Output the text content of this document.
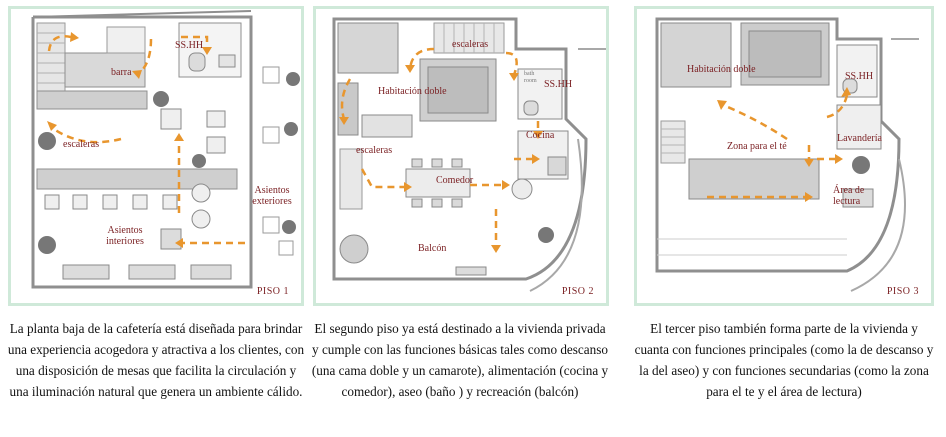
SS.HH
barra
escaleras
Asientos exteriores
Asientos interiores
PISO 1
escaleras
Habitación doble
SS.HH
bath room
Cocina
escaleras
Comedor
Balcón
PISO 2
Habitación doble
SS.HH
Zona para el té
Lavandería
Área de lectura
PISO 3
La planta baja de la cafetería está diseñada para brindar una experiencia acogedora y atractiva a los clientes, con una disposición de mesas que facilita la circulación y una iluminación natural que genera un ambiente cálido.
El segundo piso ya está destinado a la vivienda privada y cumple con las funciones básicas tales como descanso (una cama doble y un camarote), alimentación (cocina y comedor), aseo (baño ) y recreación (balcón)
El tercer piso también forma parte de la vivienda y cuanta con funciones principales (como la de descanso y la del aseo) y con funciones secundarias (como la zona para el te y el área de lectura)
